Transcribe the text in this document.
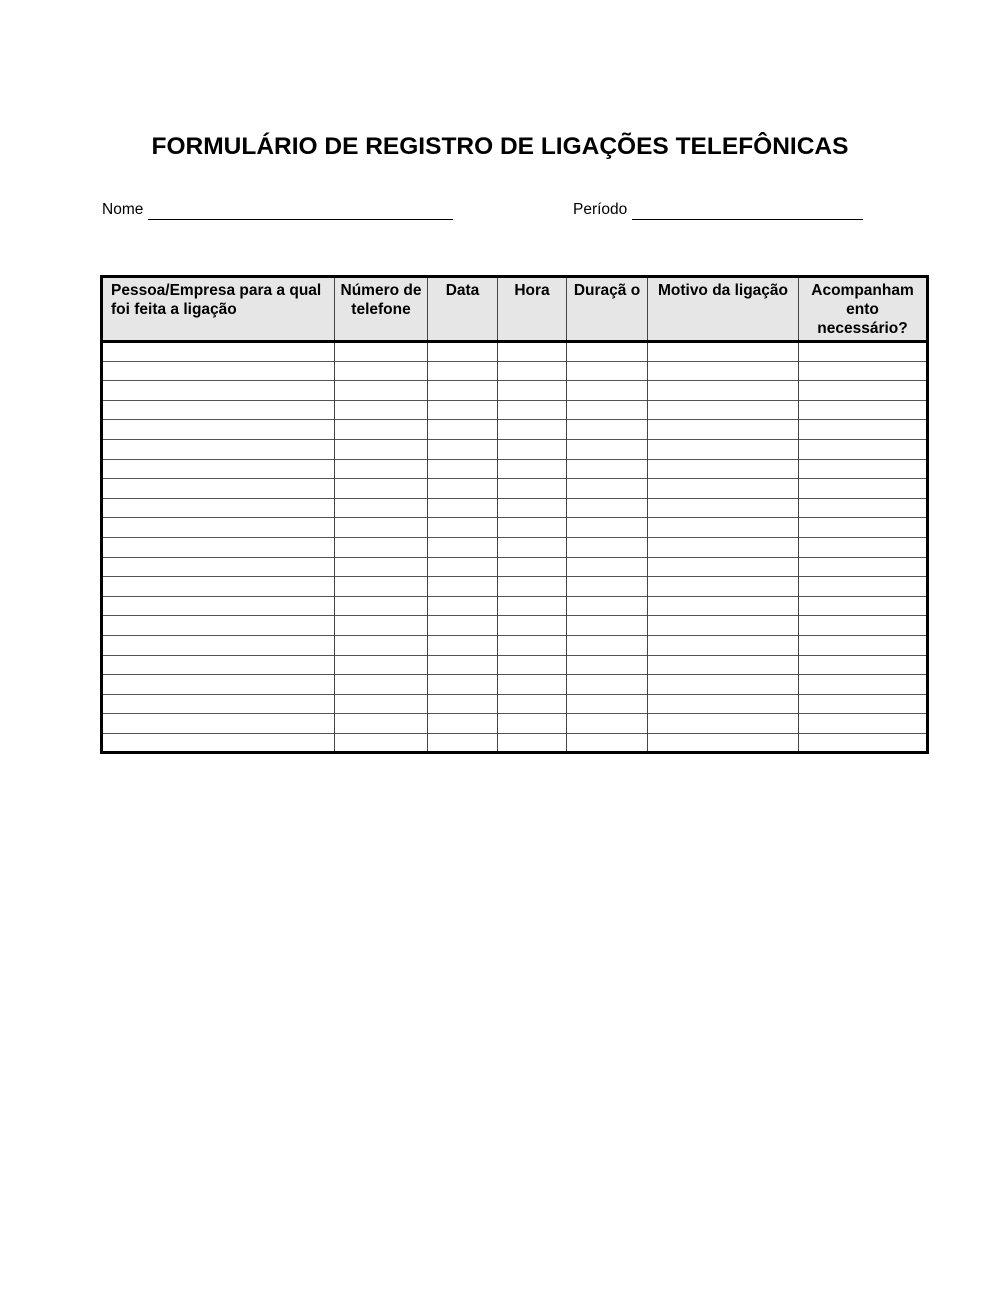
FORMULÁRIO DE REGISTRO DE LIGAÇÕES TELEFÔNICAS
Nome	Período
Pessoa/Empresa para a qual foi feita a ligação	Número de telefone	Data	Hora	Duraçã o	Motivo da ligação	Acompanham ento necessário?
